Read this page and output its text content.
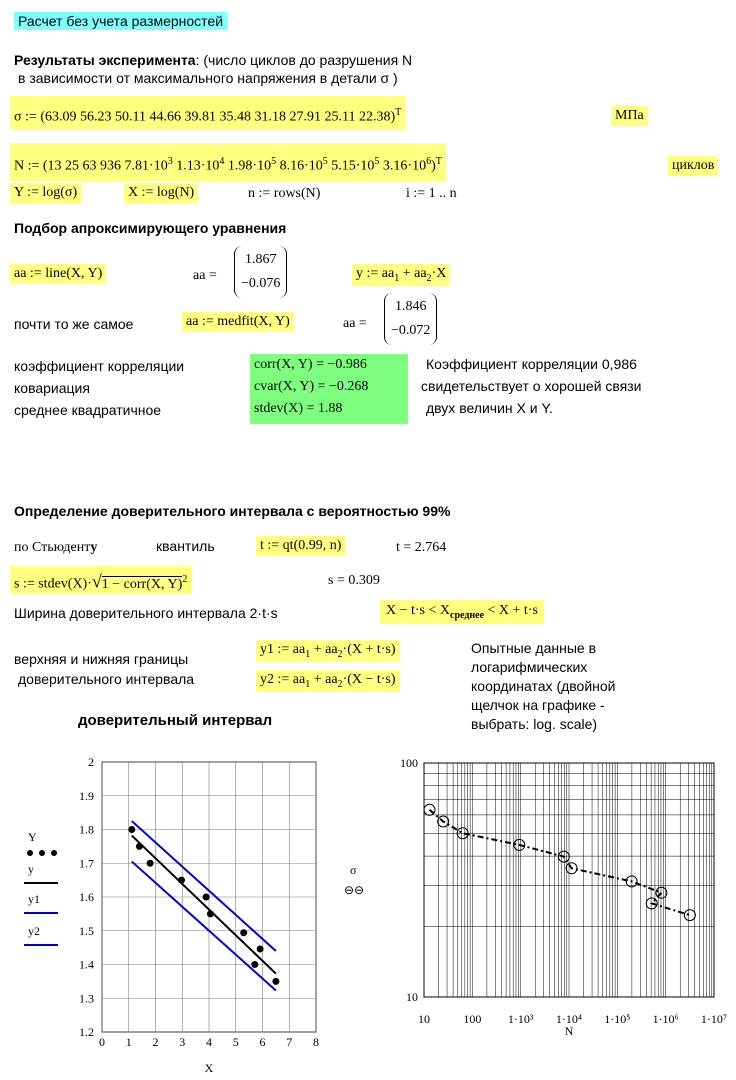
Расчет без учета размерностей
Результаты эксперимента: (число циклов до разрушения N
в зависимости от максимального напряжения в детали σ )
σ := (63.09 56.23 50.11 44.66 39.81 35.48 31.18 27.91 25.11 22.38)$^T$	МПа
N := (13 25 63 936 $7.81\cdot 10^3$ $1.13\cdot 10^4$ $1.98\cdot 10^5$ $8.16\cdot 10^5$ $5.15\cdot 10^5$ $3.16\cdot 10^6)^T$	циклов
Y := log(σ)	X := log(N)	n := rows(N)	i := 1 .. n
Подбор апроксимирующего уравнения
aa := line(X, Y)	aa =
1.867
−0.076
y := $aa_1 + aa_2\cdot X$
почти то же самое	aa := medfit(X, Y)	aa =
1.846
−0.072
коэффициент корреляции
ковариация
среднее квадратичное
corr(X, Y) = −0.986
cvar(X, Y) = −0.268
stdev(X) = 1.88
Коэффициент корреляции 0,986
свидетельствует о хорошей связи
двух величин X и Y.
Определение доверительного интервала с вероятностью 99%
по Стьюденту	квантиль	t := qt(0.99, n)	t = 2.764
s := stdev(X)·√1 − corr(X, Y)$^2$	s = 0.309
Ширина доверительного интервала 2·t·s	$X - t\cdot s < X_{среднее} < X + t\cdot s$
верхняя и нижняя границы
доверительного интервала
y1 := $aa_1 + aa_2\cdot(X + t\cdot s)$
y2 := $aa_1 + aa_2\cdot(X - t\cdot s)$
Опытные данные в
логарифмических
координатах (двойной
щелчок на графике -
выбрать: log. scale)
доверительный интервал
0 1 2 3 4 5 6 7 8
1.2
1.3
1.4
1.5
1.6
1.7
1.8
1.9
2
X
Y
y
y1
y2
10	100 1·10³ 1·10⁴ 1·10⁵ 1·10⁶ 1·10⁷
10
100
N
σ
⊖⊖
